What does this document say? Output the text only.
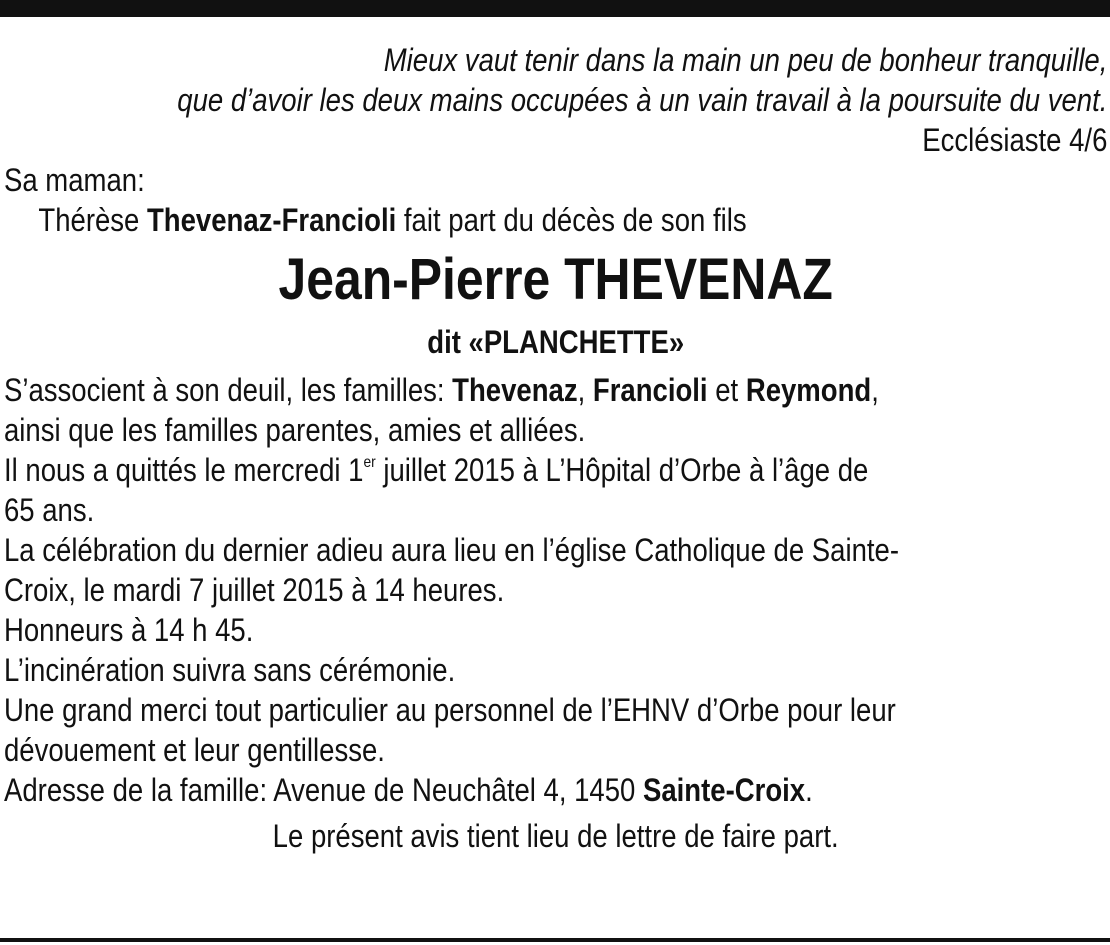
Mieux vaut tenir dans la main un peu de bonheur tranquille,
que d’avoir les deux mains occupées à un vain travail à la poursuite du vent.
Ecclésiaste 4/6
Sa maman:
Thérèse Thevenaz-Francioli fait part du décès de son fils
Jean-Pierre THEVENAZ
dit «PLANCHETTE»
S’associent à son deuil, les familles: Thevenaz, Francioli et Reymond,
ainsi que les familles parentes, amies et alliées.
Il nous a quittés le mercredi 1er juillet 2015 à L’Hôpital d’Orbe à l’âge de
65 ans.
La célébration du dernier adieu aura lieu en l’église Catholique de Sainte-
Croix, le mardi 7 juillet 2015 à 14 heures.
Honneurs à 14 h 45.
L’incinération suivra sans cérémonie.
Une grand merci tout particulier au personnel de l’EHNV d’Orbe pour leur
dévouement et leur gentillesse.
Adresse de la famille: Avenue de Neuchâtel 4, 1450 Sainte-Croix.
Le présent avis tient lieu de lettre de faire part.
